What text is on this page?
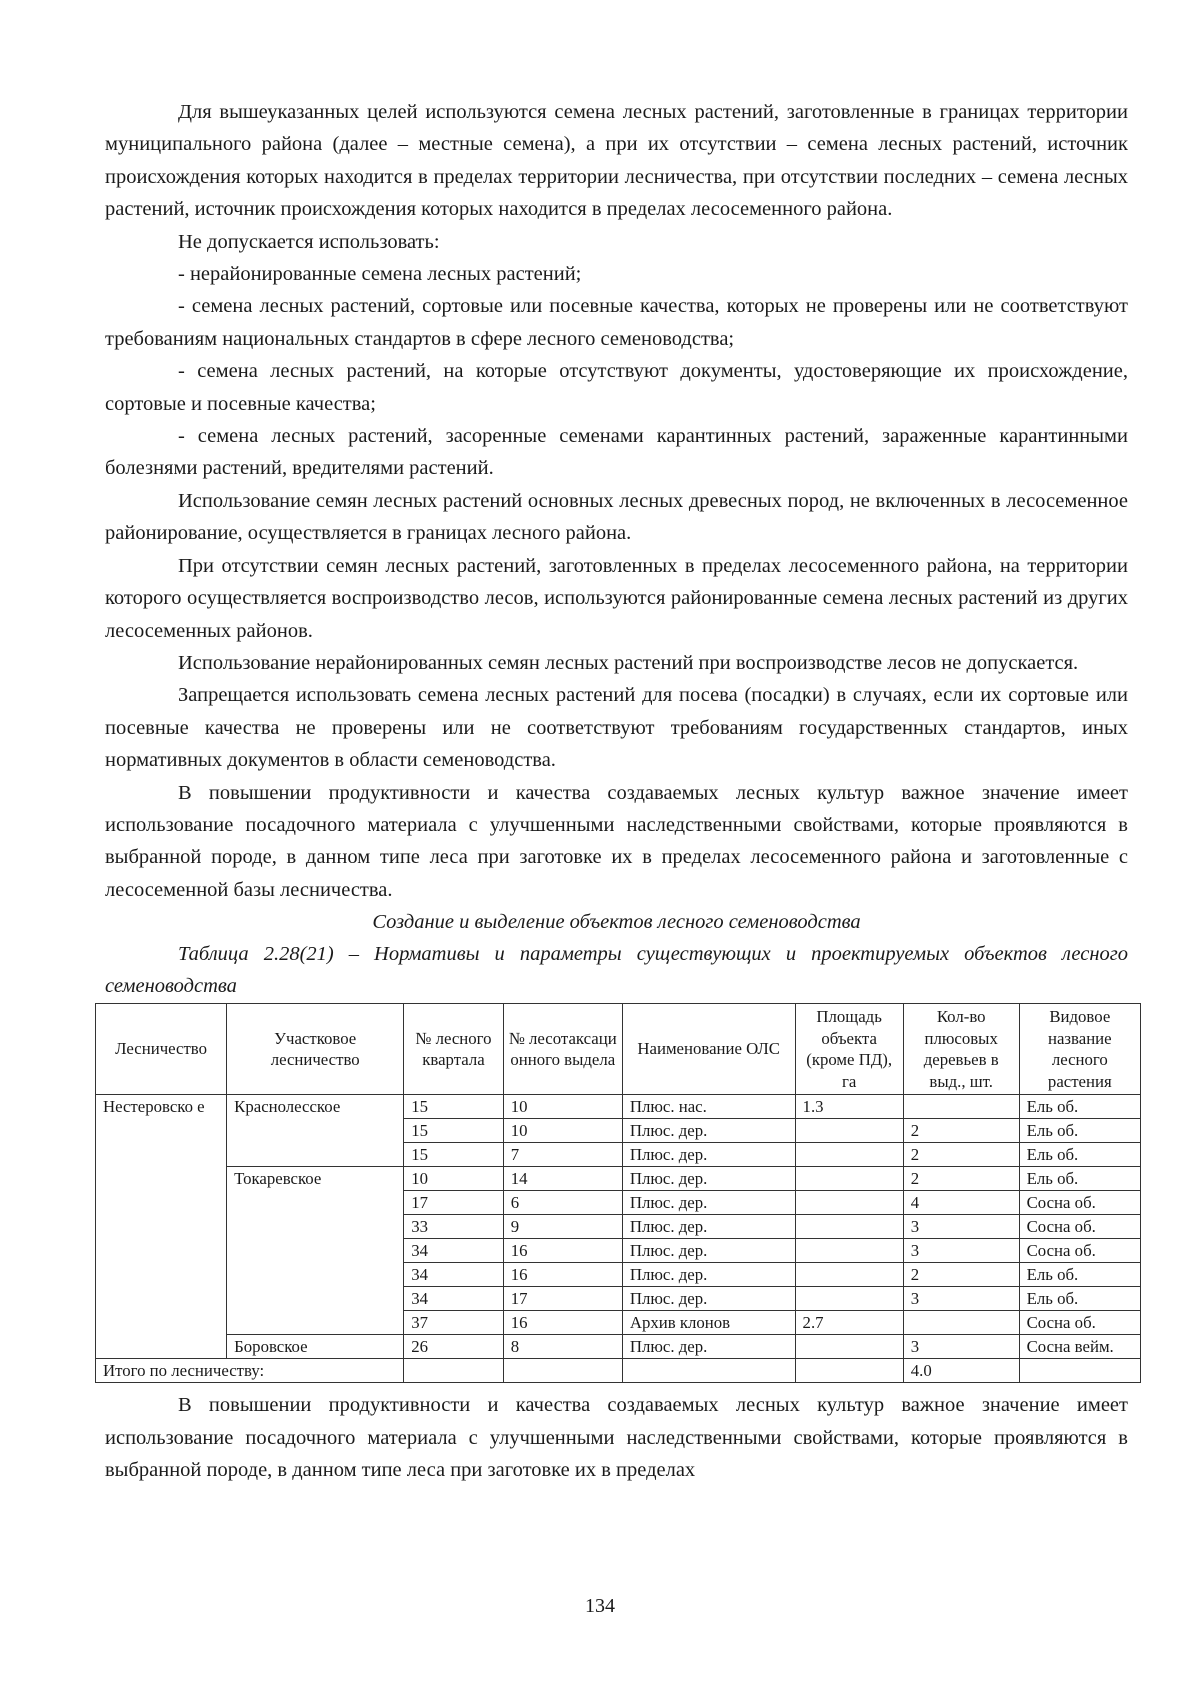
Для вышеуказанных целей используются семена лесных растений, заготовленные в границах территории муниципального района (далее – местные семена), а при их отсутствии – семена лесных растений, источник происхождения которых находится в пределах территории лесничества, при отсутствии последних – семена лесных растений, источник происхождения которых находится в пределах лесосеменного района.

Не допускается использовать:

- нерайонированные семена лесных растений;

- семена лесных растений, сортовые или посевные качества, которых не проверены или не соответствуют требованиям национальных стандартов в сфере лесного семеноводства;

- семена лесных растений, на которые отсутствуют документы, удостоверяющие их происхождение, сортовые и посевные качества;

- семена лесных растений, засоренные семенами карантинных растений, зараженные карантинными болезнями растений, вредителями растений.

Использование семян лесных растений основных лесных древесных пород, не включенных в лесосеменное районирование, осуществляется в границах лесного района.

При отсутствии семян лесных растений, заготовленных в пределах лесосеменного района, на территории которого осуществляется воспроизводство лесов, используются районированные семена лесных растений из других лесосеменных районов.

Использование нерайонированных семян лесных растений при воспроизводстве лесов не допускается.

Запрещается использовать семена лесных растений для посева (посадки) в случаях, если их сортовые или посевные качества не проверены или не соответствуют требованиям государственных стандартов, иных нормативных документов в области семеноводства.

В повышении продуктивности и качества создаваемых лесных культур важное значение имеет использование посадочного материала с улучшенными наследственными свойствами, которые проявляются в выбранной породе, в данном типе леса при заготовке их в пределах лесосеменного района и заготовленные с лесосеменной базы лесничества.

Создание и выделение объектов лесного семеноводства

Таблица 2.28(21) – Нормативы и параметры существующих и проектируемых объектов лесного семеноводства

Лесничество	Участковое лесничество	№ лесного квартала	№ лесотаксаци онного выдела	Наименование ОЛС	Площадь объекта (кроме ПД), га	Кол-во плюсовых деревьев в выд., шт.	Видовое название лесного растения
Нестеровско е	Краснолесское	15	10	Плюс. нас.	1.3		Ель об.
		15	10	Плюс. дер.		2	Ель об.
		15	7	Плюс. дер.		2	Ель об.
	Токаревское	10	14	Плюс. дер.		2	Ель об.
		17	6	Плюс. дер.		4	Сосна об.
		33	9	Плюс. дер.		3	Сосна об.
		34	16	Плюс. дер.		3	Сосна об.
		34	16	Плюс. дер.		2	Ель об.
		34	17	Плюс. дер.		3	Ель об.
		37	16	Архив клонов	2.7		Сосна об.
	Боровское	26	8	Плюс. дер.		3	Сосна вейм.
Итого по лесничеству:						4.0	

В повышении продуктивности и качества создаваемых лесных культур важное значение имеет использование посадочного материала с улучшенными наследственными свойствами, которые проявляются в выбранной породе, в данном типе леса при заготовке их в пределах

134
